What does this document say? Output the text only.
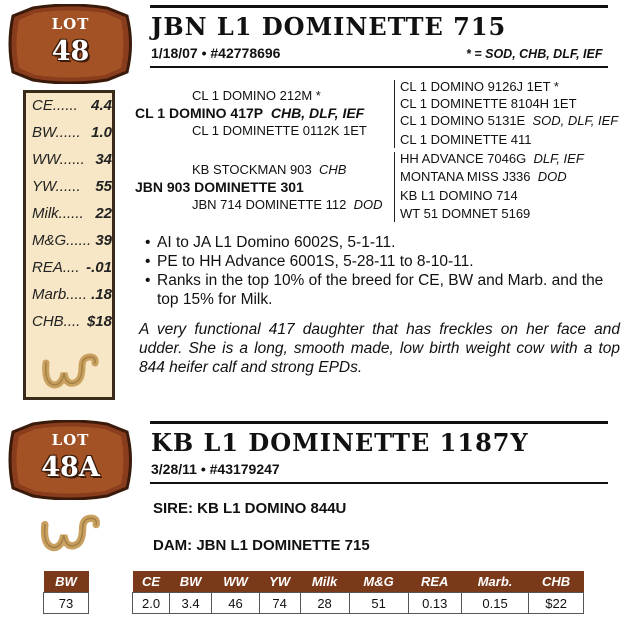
LOT
48
CE...... 4.4
BW...... 1.0
WW...... 34
YW...... 55
Milk...... 22
M&G...... 39
REA.... -.01
Marb..... .18
CHB.... $18
JBN L1 DOMINETTE 715
1/18/07 • #42778696	* = SOD, CHB, DLF, IEF
CL 1 DOMINO 212M *
CL 1 DOMINO 417P CHB, DLF, IEF
CL 1 DOMINETTE 0112K 1ET
KB STOCKMAN 903 CHB
JBN 903 DOMINETTE 301
JBN 714 DOMINETTE 112 DOD
CL 1 DOMINO 9126J 1ET *
CL 1 DOMINETTE 8104H 1ET
CL 1 DOMINO 5131E SOD, DLF, IEF
CL 1 DOMINETTE 411
HH ADVANCE 7046G DLF, IEF
MONTANA MISS J336 DOD
KB L1 DOMINO 714
WT 51 DOMNET 5169
• AI to JA L1 Domino 6002S, 5-1-11.
• PE to HH Advance 6001S, 5-28-11 to 8-10-11.
• Ranks in the top 10% of the breed for CE, BW and Marb. and the top 15% for Milk.
A very functional 417 daughter that has freckles on her face and udder. She is a long, smooth made, low birth weight cow with a top 844 heifer calf and strong EPDs.
LOT
48A
KB L1 DOMINETTE 1187Y
3/28/11 • #43179247
SIRE: KB L1 DOMINO 844U
DAM: JBN L1 DOMINETTE 715
BW
73
CE	BW	WW	YW	Milk	M&G	REA	Marb.	CHB
2.0	3.4	46	74	28	51	0.13	0.15	$22
